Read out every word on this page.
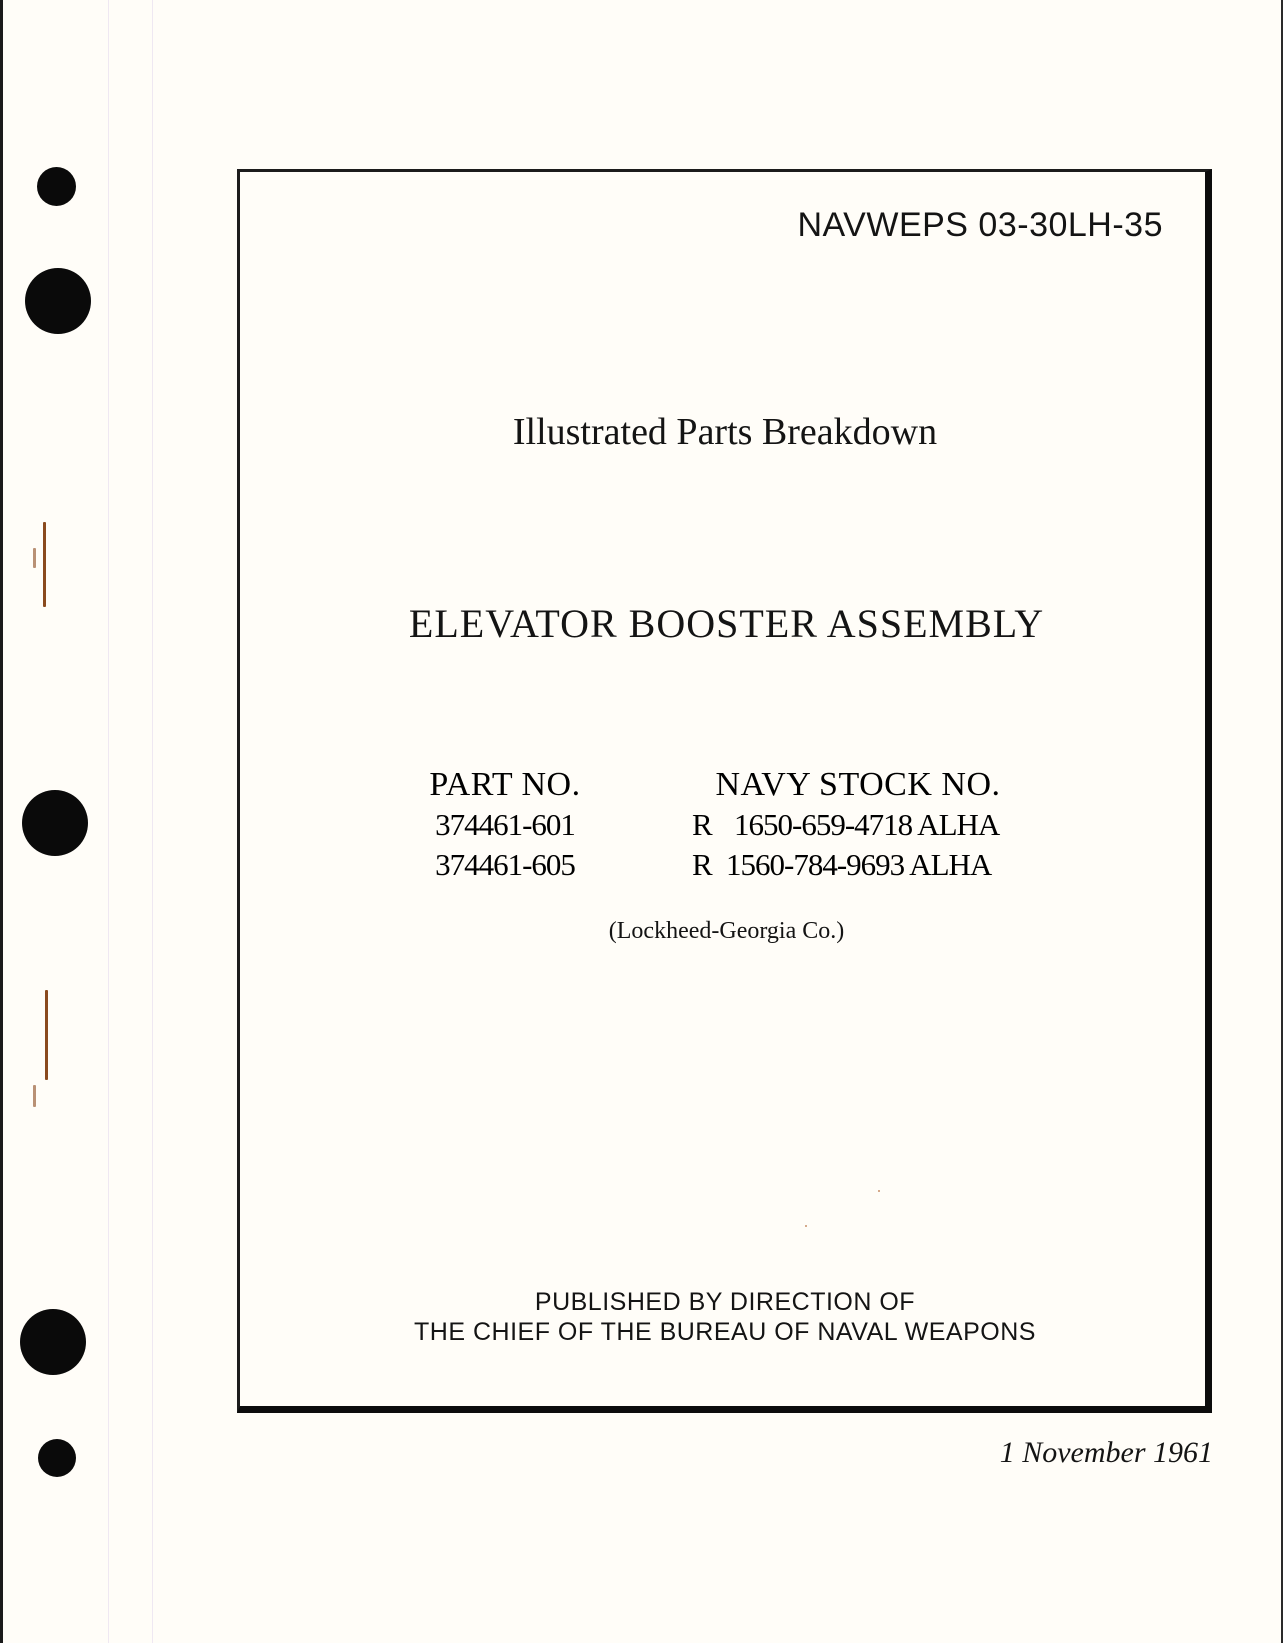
NAVWEPS 03-30LH-35
Illustrated Parts Breakdown
ELEVATOR BOOSTER ASSEMBLY
PART NO.
374461-601
374461-605
NAVY STOCK NO.
R 1650-659-4718 ALHA
R 1560-784-9693 ALHA
(Lockheed-Georgia Co.)
PUBLISHED BY DIRECTION OF
THE CHIEF OF THE BUREAU OF NAVAL WEAPONS
1 November 1961
